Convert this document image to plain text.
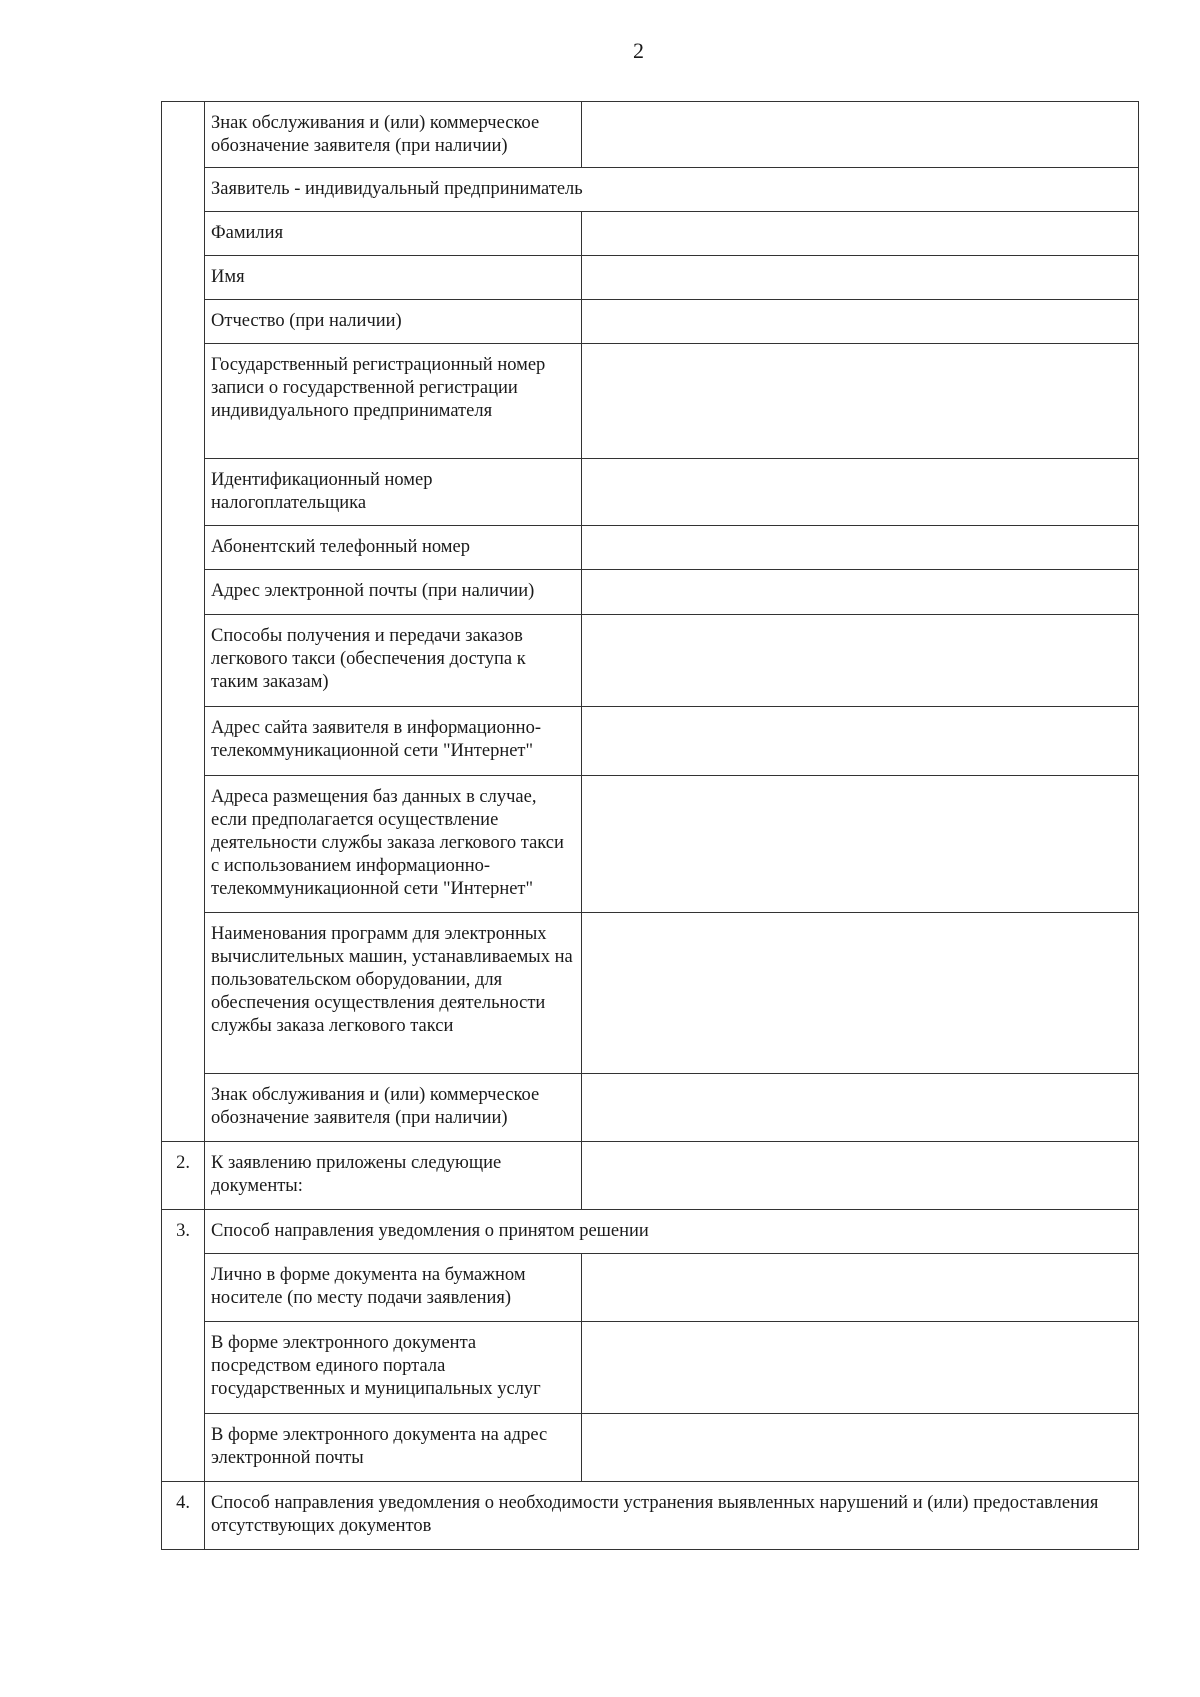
2
	Знак обслуживания и (или) коммерческое обозначение заявителя (при наличии)	
	Заявитель - индивидуальный предприниматель	
	Фамилия	
	Имя	
	Отчество (при наличии)	
	Государственный регистрационный номер записи о государственной регистрации индивидуального предпринимателя	
	Идентификационный номер налогоплательщика	
	Абонентский телефонный номер	
	Адрес электронной почты (при наличии)	
	Способы получения и передачи заказов легкового такси (обеспечения доступа к таким заказам)	
	Адрес сайта заявителя в информационно-телекоммуникационной сети "Интернет"	
	Адреса размещения баз данных в случае, если предполагается осуществление деятельности службы заказа легкового такси с использованием информационно-телекоммуникационной сети "Интернет"	
	Наименования программ для электронных вычислительных машин, устанавливаемых на пользовательском оборудовании, для обеспечения осуществления деятельности службы заказа легкового такси	
	Знак обслуживания и (или) коммерческое обозначение заявителя (при наличии)	
2.	К заявлению приложены следующие документы:	
3.	Способ направления уведомления о принятом решении	
	Лично в форме документа на бумажном носителе (по месту подачи заявления)	
	В форме электронного документа посредством единого портала государственных и муниципальных услуг	
	В форме электронного документа на адрес электронной почты	
4.	Способ направления уведомления о необходимости устранения выявленных нарушений и (или) предоставления отсутствующих документов	
